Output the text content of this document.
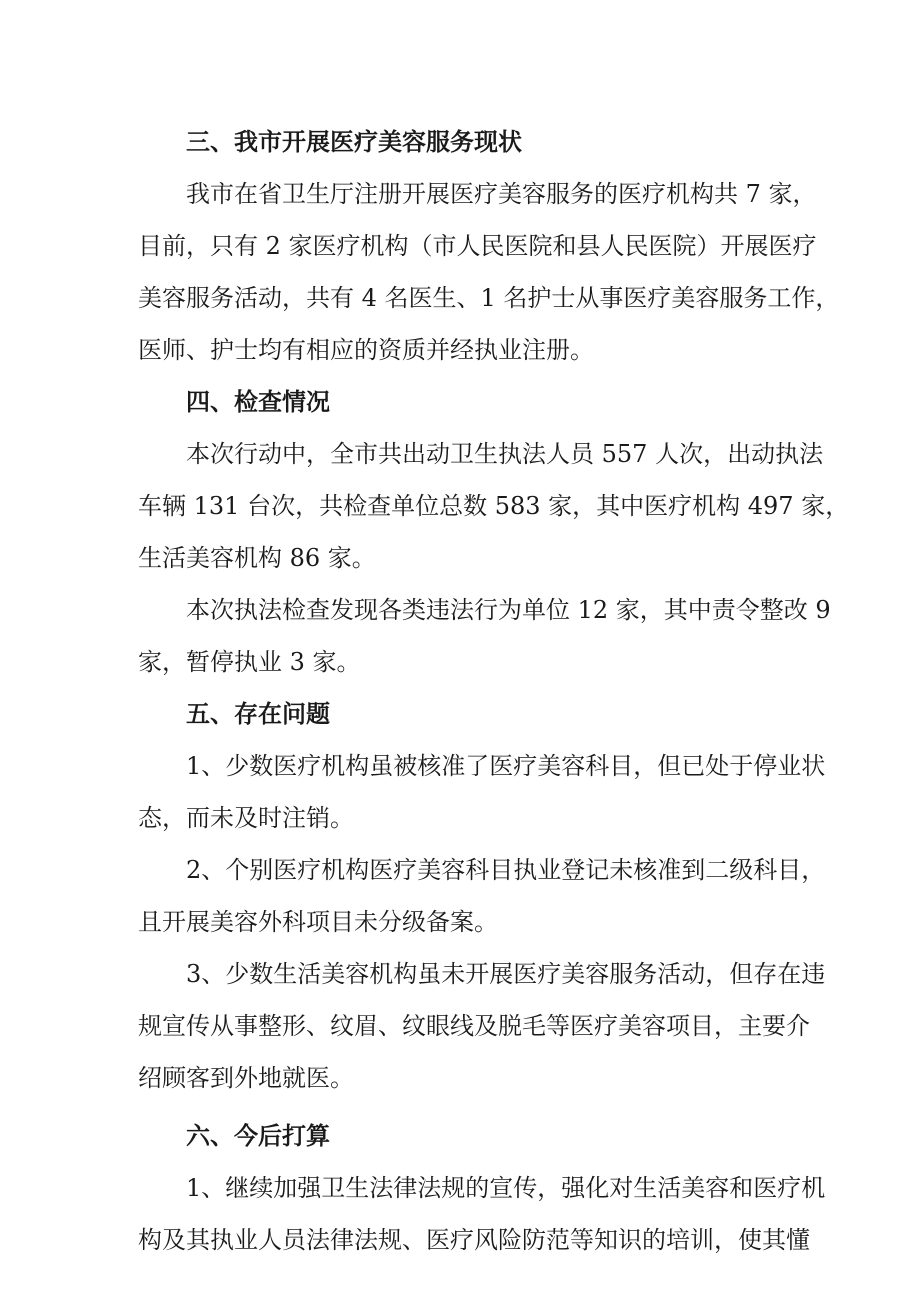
三、我市开展医疗美容服务现状
我市在省卫生厅注册开展医疗美容服务的医疗机构共 7 家，
目前，只有 2 家医疗机构（市人民医院和县人民医院）开展医疗
美容服务活动，共有 4 名医生、1 名护士从事医疗美容服务工作，
医师、护士均有相应的资质并经执业注册。
四、检查情况
本次行动中，全市共出动卫生执法人员 557 人次，出动执法
车辆 131 台次，共检查单位总数 583 家，其中医疗机构 497 家，
生活美容机构 86 家。
本次执法检查发现各类违法行为单位 12 家，其中责令整改 9
家，暂停执业 3 家。
五、存在问题
1、少数医疗机构虽被核准了医疗美容科目，但已处于停业状
态，而未及时注销。
2、个别医疗机构医疗美容科目执业登记未核准到二级科目，
且开展美容外科项目未分级备案。
3、少数生活美容机构虽未开展医疗美容服务活动，但存在违
规宣传从事整形、纹眉、纹眼线及脱毛等医疗美容项目，主要介
绍顾客到外地就医。
六、今后打算
1、继续加强卫生法律法规的宣传，强化对生活美容和医疗机
构及其执业人员法律法规、医疗风险防范等知识的培训，使其懂
